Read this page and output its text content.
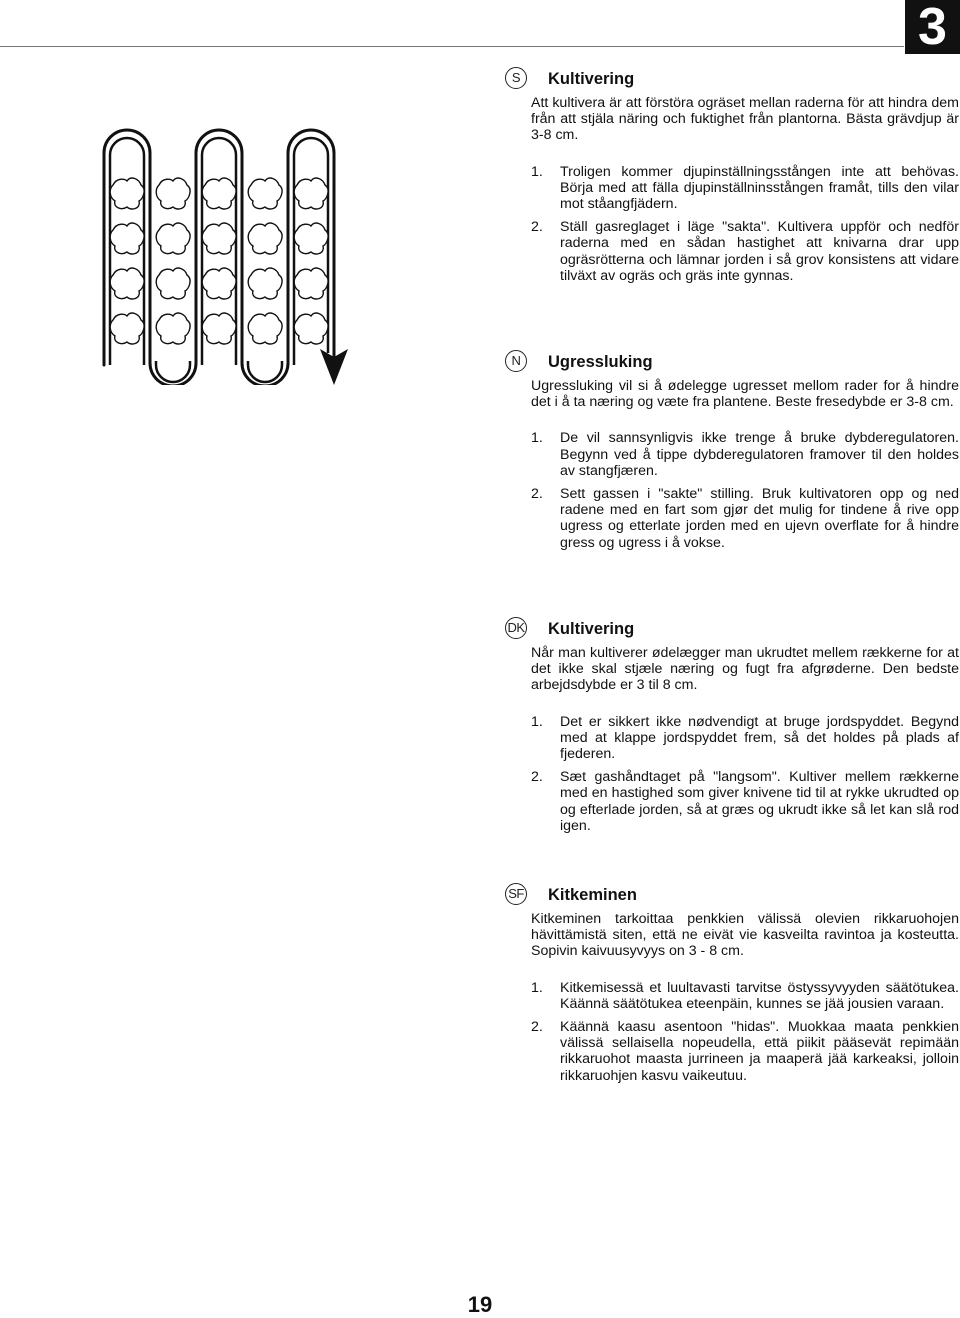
3
S	Kultivering

Att kultivera är att förstöra ogräset mellan raderna för att hindra dem från att stjäla näring och fuktighet från plantorna. Bästa grävdjup är 3-8 cm.

1.	Troligen kommer djupinställningsstången inte att behövas. Börja med att fälla djupinställninsstången framåt, tills den vilar mot ståangfjädern.
2.	Ställ gasreglaget i läge "sakta". Kultivera uppför och nedför raderna med en sådan hastighet att knivarna drar upp ogräsrötterna och lämnar jorden i så grov konsistens att vidare tilväxt av ogräs och gräs inte gynnas.
N	Ugressluking

Ugressluking vil si å ødelegge ugresset mellom rader for å hindre det i å ta næring og væte fra plantene. Beste fresedybde er 3-8 cm.

1.	De vil sannsynligvis ikke trenge å bruke dybderegulatoren. Begynn ved å tippe dybderegulatoren framover til den holdes av stangfjæren.
2.	Sett gassen i "sakte" stilling. Bruk kultivatoren opp og ned radene med en fart som gjør det mulig for tindene å rive opp ugress og etterlate jorden med en ujevn overflate for å hindre gress og ugress i å vokse.
DK Kultivering

Når man kultiverer ødelægger man ukrudtet mellem rækkerne for at det ikke skal stjæle næring og fugt fra afgrøderne. Den bedste arbejdsdybde er 3 til 8 cm.

1.	Det er sikkert ikke nødvendigt at bruge jordspyddet. Begynd med at klappe jordspyddet frem, så det holdes på plads af fjederen.
2.	Sæt gashåndtaget på "langsom". Kultiver mellem rækkerne med en hastighed som giver knivene tid til at rykke ukrudted op og efterlade jorden, så at græs og ukrudt ikke så let kan slå rod igen.
SF Kitkeminen

Kitkeminen tarkoittaa penkkien välissä olevien rikkaruohojen hävittämistä siten, että ne eivät vie kasveilta ravintoa ja kosteutta. Sopivin kaivuusyvyys on 3 - 8 cm.

1.	Kitkemisessä et luultavasti tarvitse östyssyvyyden säätötukea. Käännä säätötukea eteenpäin, kunnes se jää jousien varaan.
2.	Käännä kaasu asentoon "hidas". Muokkaa maata penkkien välissä sellaisella nopeudella, että piikit pääsevät repimään rikkaruohot maasta jurrineen ja maaperä jää karkeaksi, jolloin rikkaruohjen kasvu vaikeutuu.
19
